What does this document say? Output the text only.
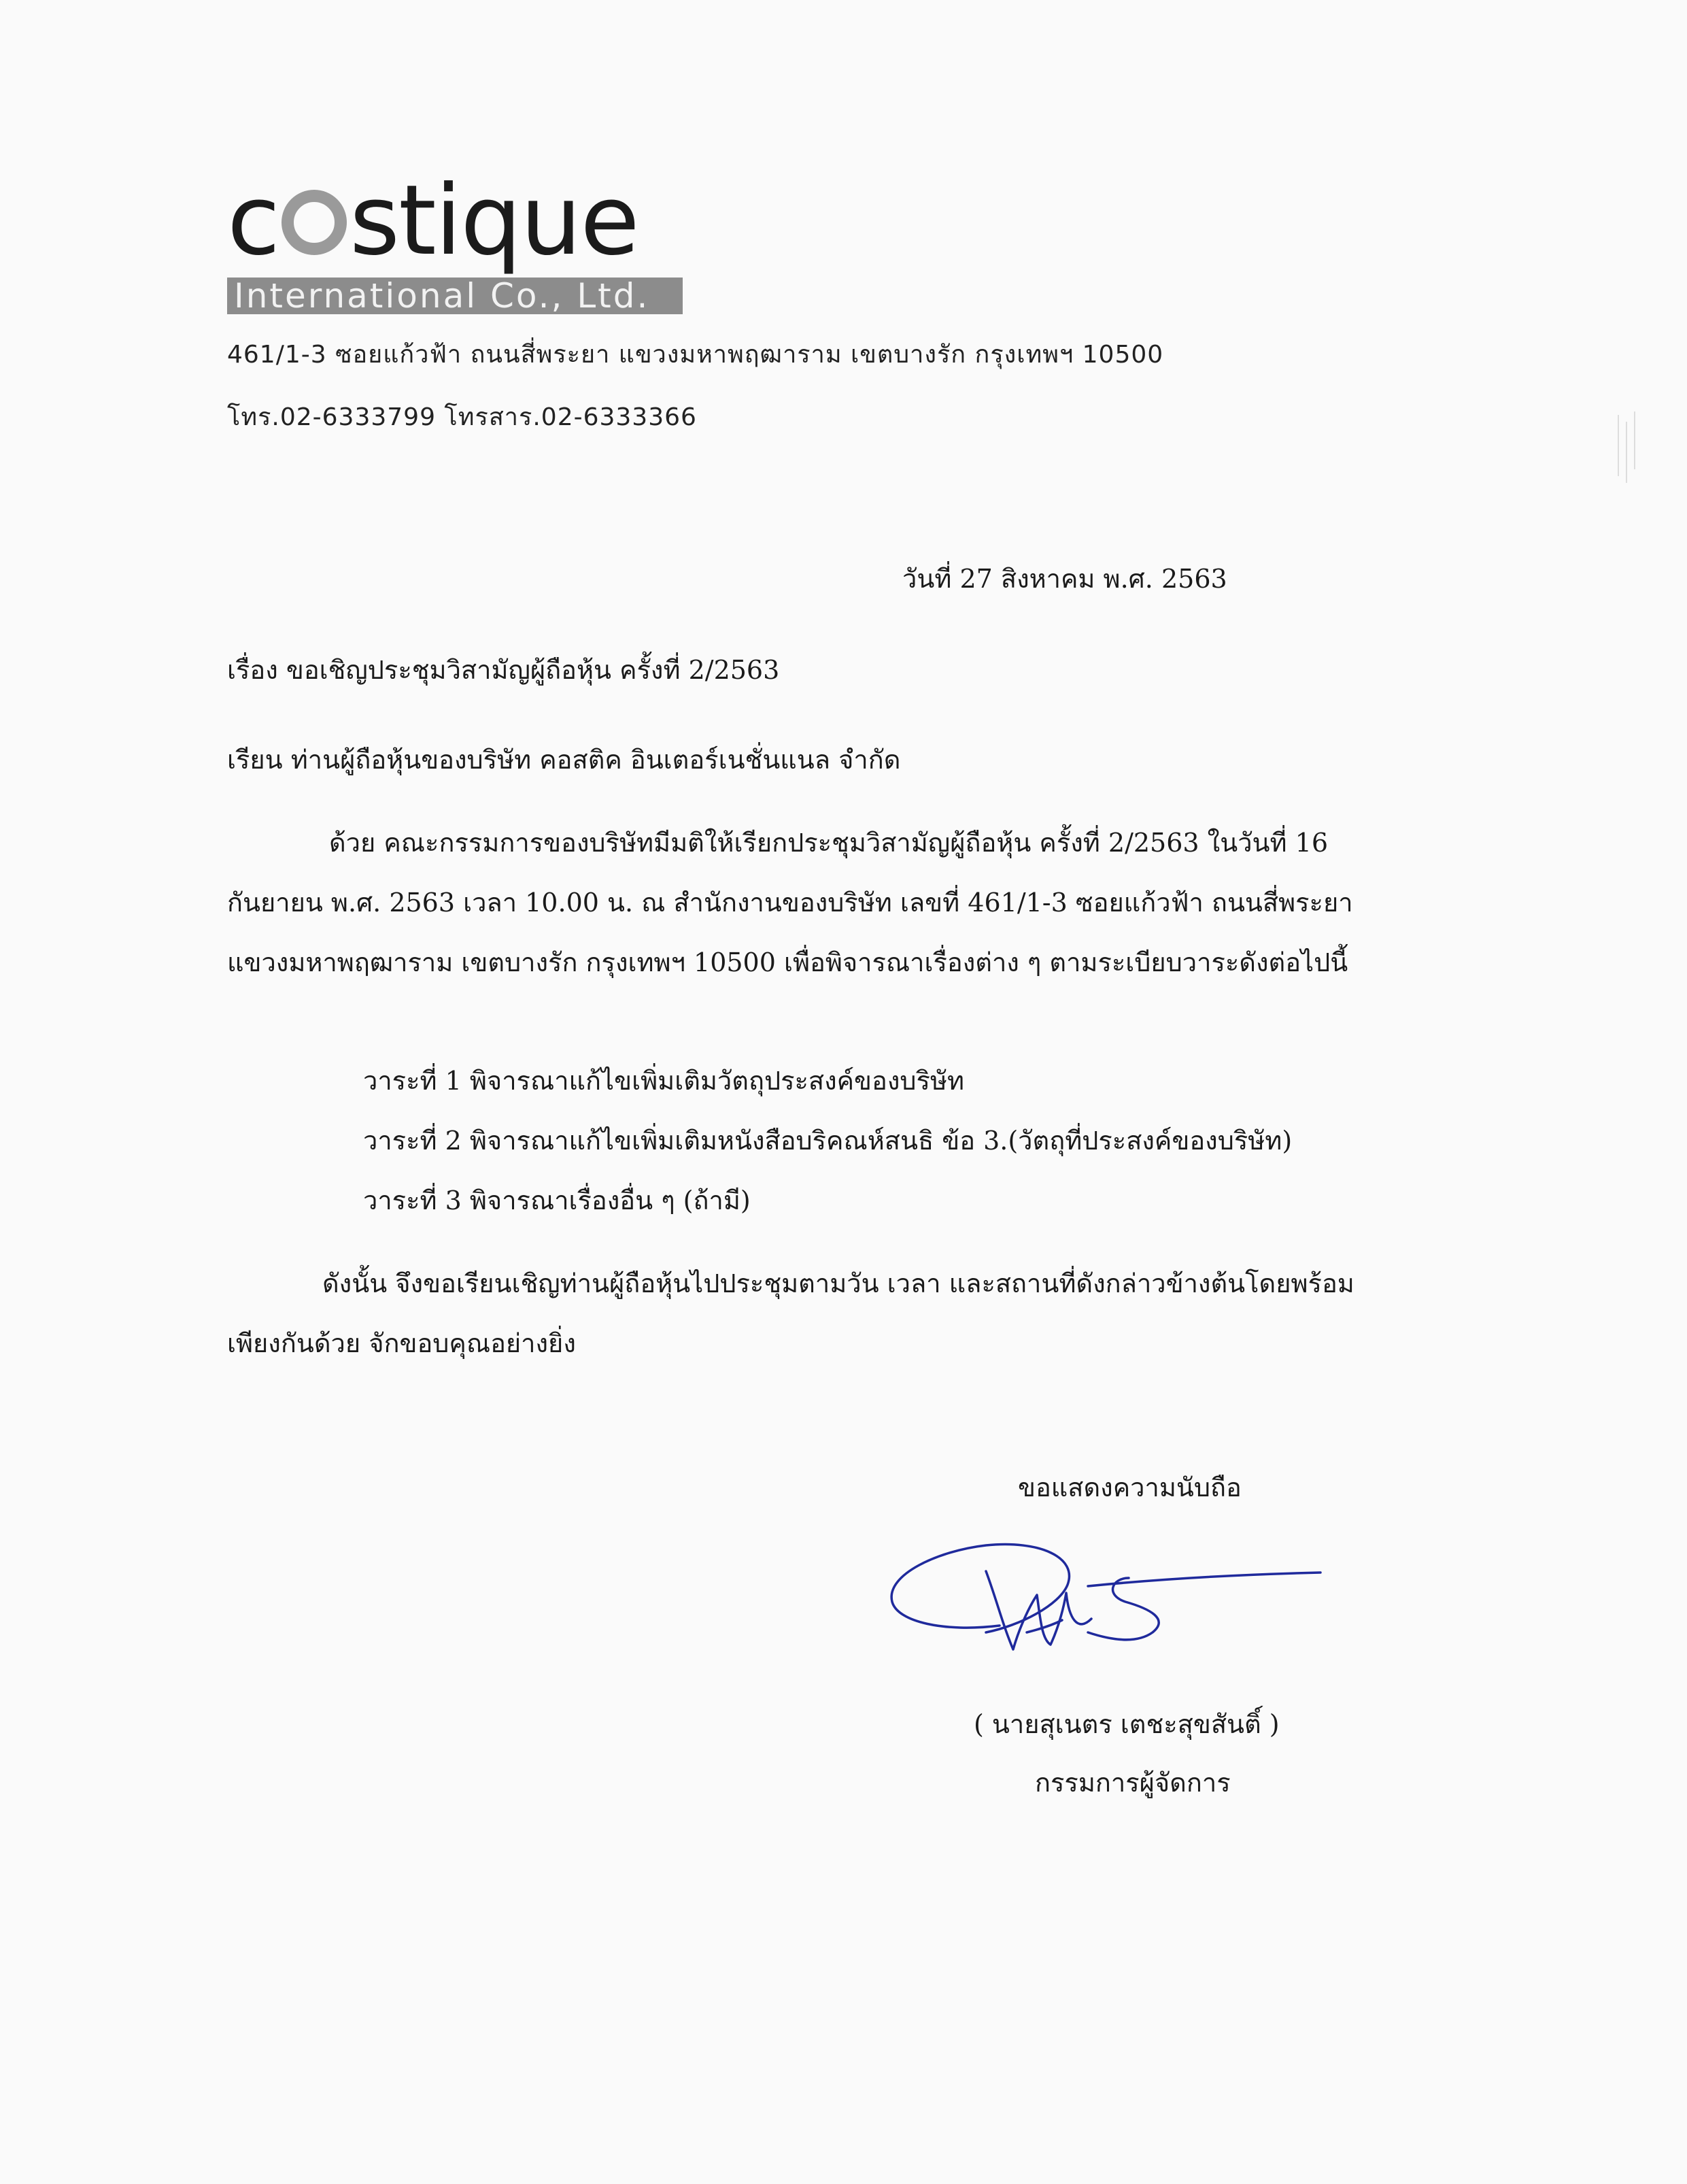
c stique
International Co., Ltd.
461/1-3 ซอยแก้วฟ้า ถนนสี่พระยา แขวงมหาพฤฒาราม เขตบางรัก กรุงเทพฯ 10500
โทร.02-6333799 โทรสาร.02-6333366
วันที่ 27 สิงหาคม พ.ศ. 2563
เรื่อง ขอเชิญประชุมวิสามัญผู้ถือหุ้น ครั้งที่ 2/2563
เรียน ท่านผู้ถือหุ้นของบริษัท คอสติค อินเตอร์เนชั่นแนล จำกัด
ด้วย คณะกรรมการของบริษัทมีมติให้เรียกประชุมวิสามัญผู้ถือหุ้น ครั้งที่ 2/2563 ในวันที่ 16
กันยายน พ.ศ. 2563 เวลา 10.00 น. ณ สำนักงานของบริษัท เลขที่ 461/1-3 ซอยแก้วฟ้า ถนนสี่พระยา
แขวงมหาพฤฒาราม เขตบางรัก กรุงเทพฯ 10500 เพื่อพิจารณาเรื่องต่าง ๆ ตามระเบียบวาระดังต่อไปนี้
วาระที่ 1 พิจารณาแก้ไขเพิ่มเติมวัตถุประสงค์ของบริษัท
วาระที่ 2 พิจารณาแก้ไขเพิ่มเติมหนังสือบริคณห์สนธิ ข้อ 3.(วัตถุที่ประสงค์ของบริษัท)
วาระที่ 3 พิจารณาเรื่องอื่น ๆ (ถ้ามี)
ดังนั้น จึงขอเรียนเชิญท่านผู้ถือหุ้นไปประชุมตามวัน เวลา และสถานที่ดังกล่าวข้างต้นโดยพร้อม
เพียงกันด้วย จักขอบคุณอย่างยิ่ง
ขอแสดงความนับถือ
( นายสุเนตร เตชะสุขสันติ์ )
กรรมการผู้จัดการ
